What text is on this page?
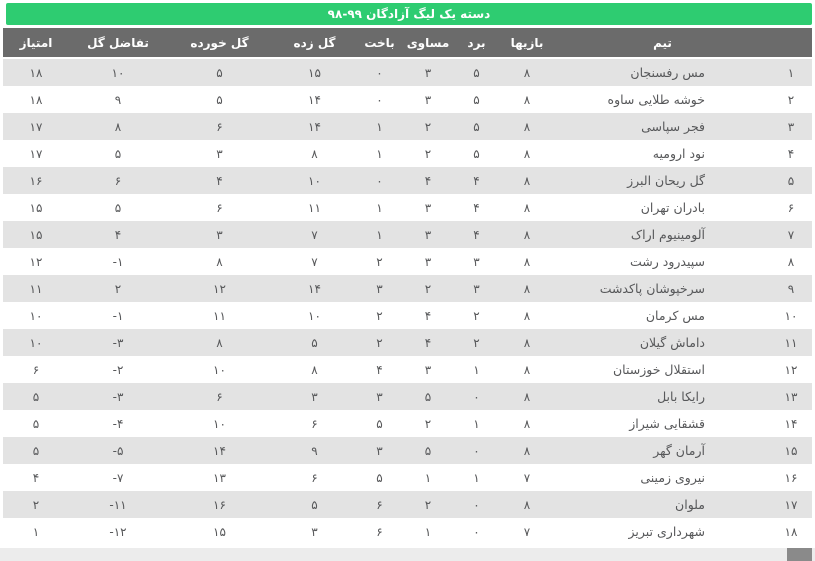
دسته یک لیگ آزادگان ۹۹-۹۸
	تیم	بازیها	برد	مساوی	باخت	گل زده	گل خورده	تفاضل گل	امتیاز
۱	مس رفسنجان	۸	۵	۳	۰	۱۵	۵	۱۰	۱۸
۲	خوشه طلایی ساوه	۸	۵	۳	۰	۱۴	۵	۹	۱۸
۳	فجر سپاسی	۸	۵	۲	۱	۱۴	۶	۸	۱۷
۴	نود ارومیه	۸	۵	۲	۱	۸	۳	۵	۱۷
۵	گل ریحان البرز	۸	۴	۴	۰	۱۰	۴	۶	۱۶
۶	بادران تهران	۸	۴	۳	۱	۱۱	۶	۵	۱۵
۷	آلومینیوم اراک	۸	۴	۳	۱	۷	۳	۴	۱۵
۸	سپیدرود رشت	۸	۳	۳	۲	۷	۸	-۱	۱۲
۹	سرخپوشان پاکدشت	۸	۳	۲	۳	۱۴	۱۲	۲	۱۱
۱۰	مس کرمان	۸	۲	۴	۲	۱۰	۱۱	-۱	۱۰
۱۱	داماش گیلان	۸	۲	۴	۲	۵	۸	-۳	۱۰
۱۲	استقلال خوزستان	۸	۱	۳	۴	۸	۱۰	-۲	۶
۱۳	رایکا بابل	۸	۰	۵	۳	۳	۶	-۳	۵
۱۴	قشقایی شیراز	۸	۱	۲	۵	۶	۱۰	-۴	۵
۱۵	آرمان گهر	۸	۰	۵	۳	۹	۱۴	-۵	۵
۱۶	نیروی زمینی	۷	۱	۱	۵	۶	۱۳	-۷	۴
۱۷	ملوان	۸	۰	۲	۶	۵	۱۶	-۱۱	۲
۱۸	شهرداری تبریز	۷	۰	۱	۶	۳	۱۵	-۱۲	۱
